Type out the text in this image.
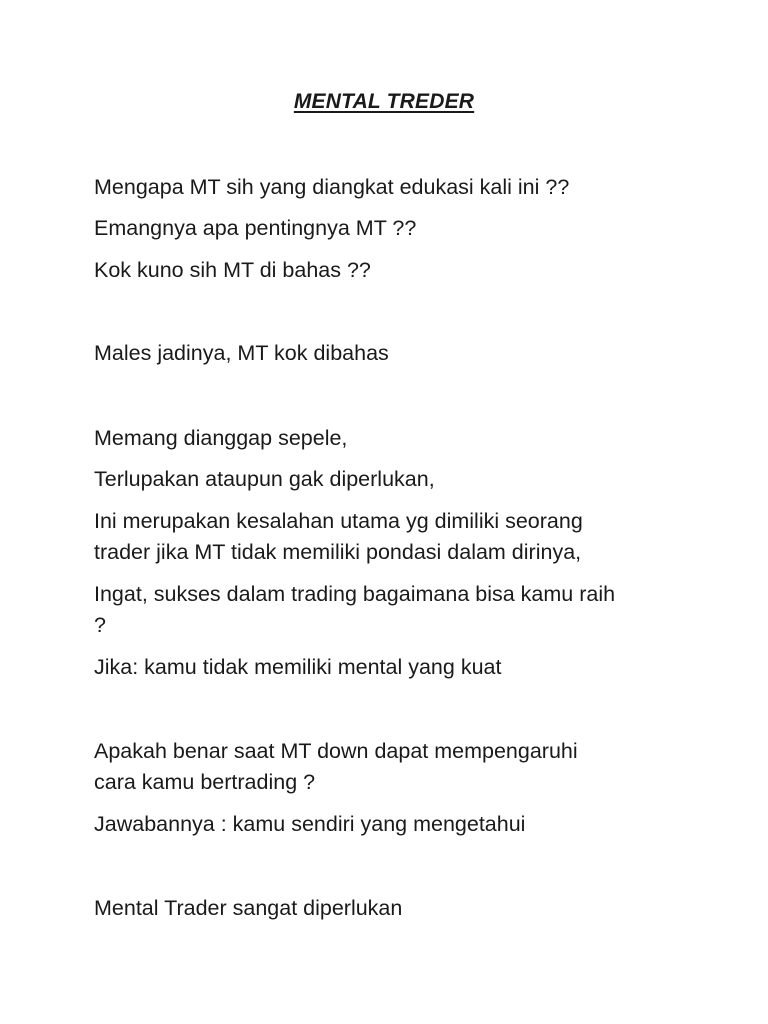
MENTAL TREDER
Mengapa MT sih yang diangkat edukasi kali ini ??
Emangnya apa pentingnya MT ??
Kok kuno sih MT di bahas ??
Males jadinya, MT kok dibahas
Memang dianggap sepele,
Terlupakan ataupun gak diperlukan,
Ini merupakan kesalahan utama yg dimiliki seorang
trader jika MT tidak memiliki pondasi dalam dirinya,
Ingat, sukses dalam trading bagaimana bisa kamu raih
?
Jika: kamu tidak memiliki mental yang kuat
Apakah benar saat MT down dapat mempengaruhi
cara kamu bertrading ?
Jawabannya : kamu sendiri yang mengetahui
Mental Trader sangat diperlukan
